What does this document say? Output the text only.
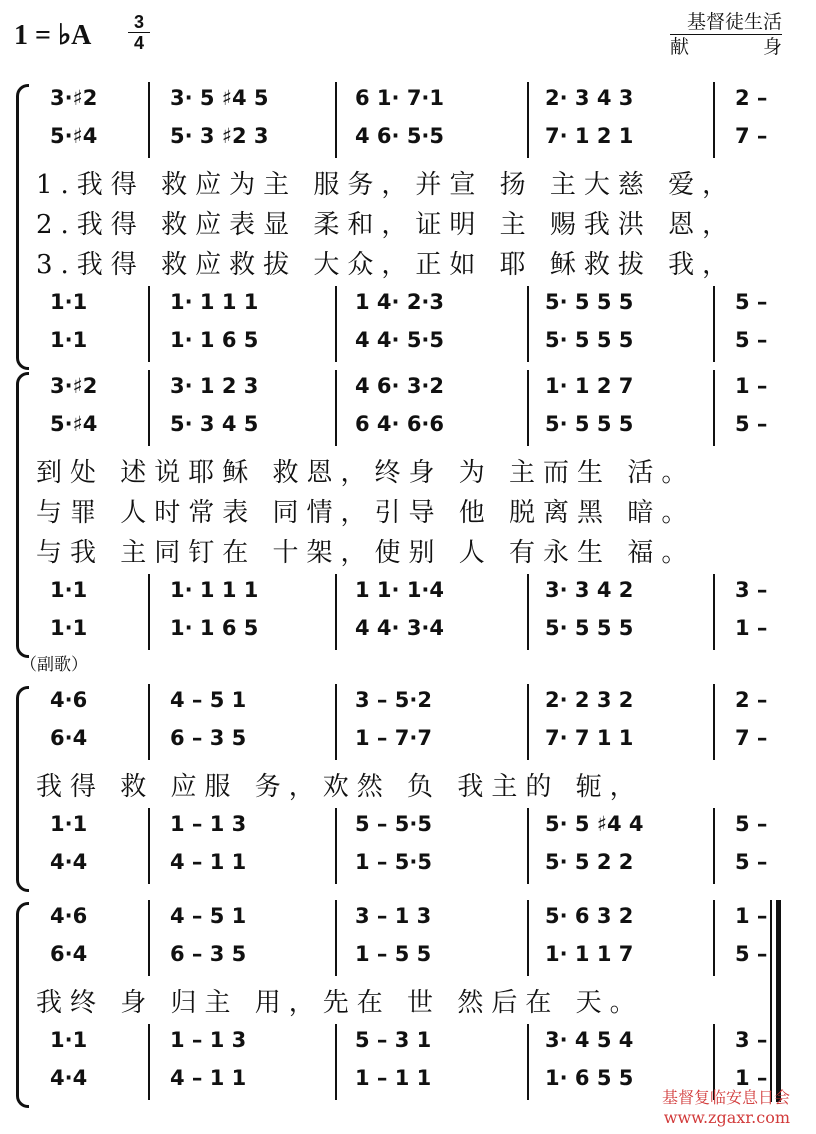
1 = ♭A $\frac{3}{4}$	基督徒生活
献 身
（副歌）
3·♯2	3· 5 ♯4 5	6 1· 7·1	2· 3 4 3	2 –
5·♯4	5· 3 ♯2 3	4 6· 5·5	7· 1 2 1	7 –
1.我得 救应为主 服务，并宣 扬 主大慈 爱，
2.我得 救应表显 柔和，证明 主 赐我洪 恩，
3.我得 救应救拔 大众，正如 耶 稣救拔 我，
1·1	1· 1 1 1	1 4· 2·3	5· 5 5 5	5 –
1·1	1· 1 6 5	4 4· 5·5	5· 5 5 5	5 –
3·♯2	3· 1 2 3	4 6· 3·2	1· 1 2 7	1 –
5·♯4	5· 3 4 5	6 4· 6·6	5· 5 5 5	5 –
到处 述说耶稣 救恩，终身 为 主而生 活。
与罪 人时常表 同情，引导 他 脱离黑 暗。
与我 主同钉在 十架，使别 人 有永生 福。
1·1	1· 1 1 1	1 1· 1·4	3· 3 4 2	3 –
1·1	1· 1 6 5	4 4· 3·4	5· 5 5 5	1 –
4·6	4 – 5 1	3 – 5·2	2· 2 3 2	2 –
6·4	6 – 3 5	1 – 7·7	7· 7 1 1	7 –
我得 救 应服 务，欢然 负 我主的 轭，
1·1	1 – 1 3	5 – 5·5	5· 5 ♯4 4	5 –
4·4	4 – 1 1	1 – 5·5	5· 5 2 2	5 –
4·6	4 – 5 1	3 – 1 3	5· 6 3 2	1 –
6·4	6 – 3 5	1 – 5 5	1· 1 1 7	5 –
我终 身 归主 用，先在 世 然后在 天。
1·1	1 – 1 3	5 – 3 1	3· 4 5 4	3 –
4·4	4 – 1 1	1 – 1 1	1· 6 5 5	1 –
基督复临安息日会
www.zgaxr.com
